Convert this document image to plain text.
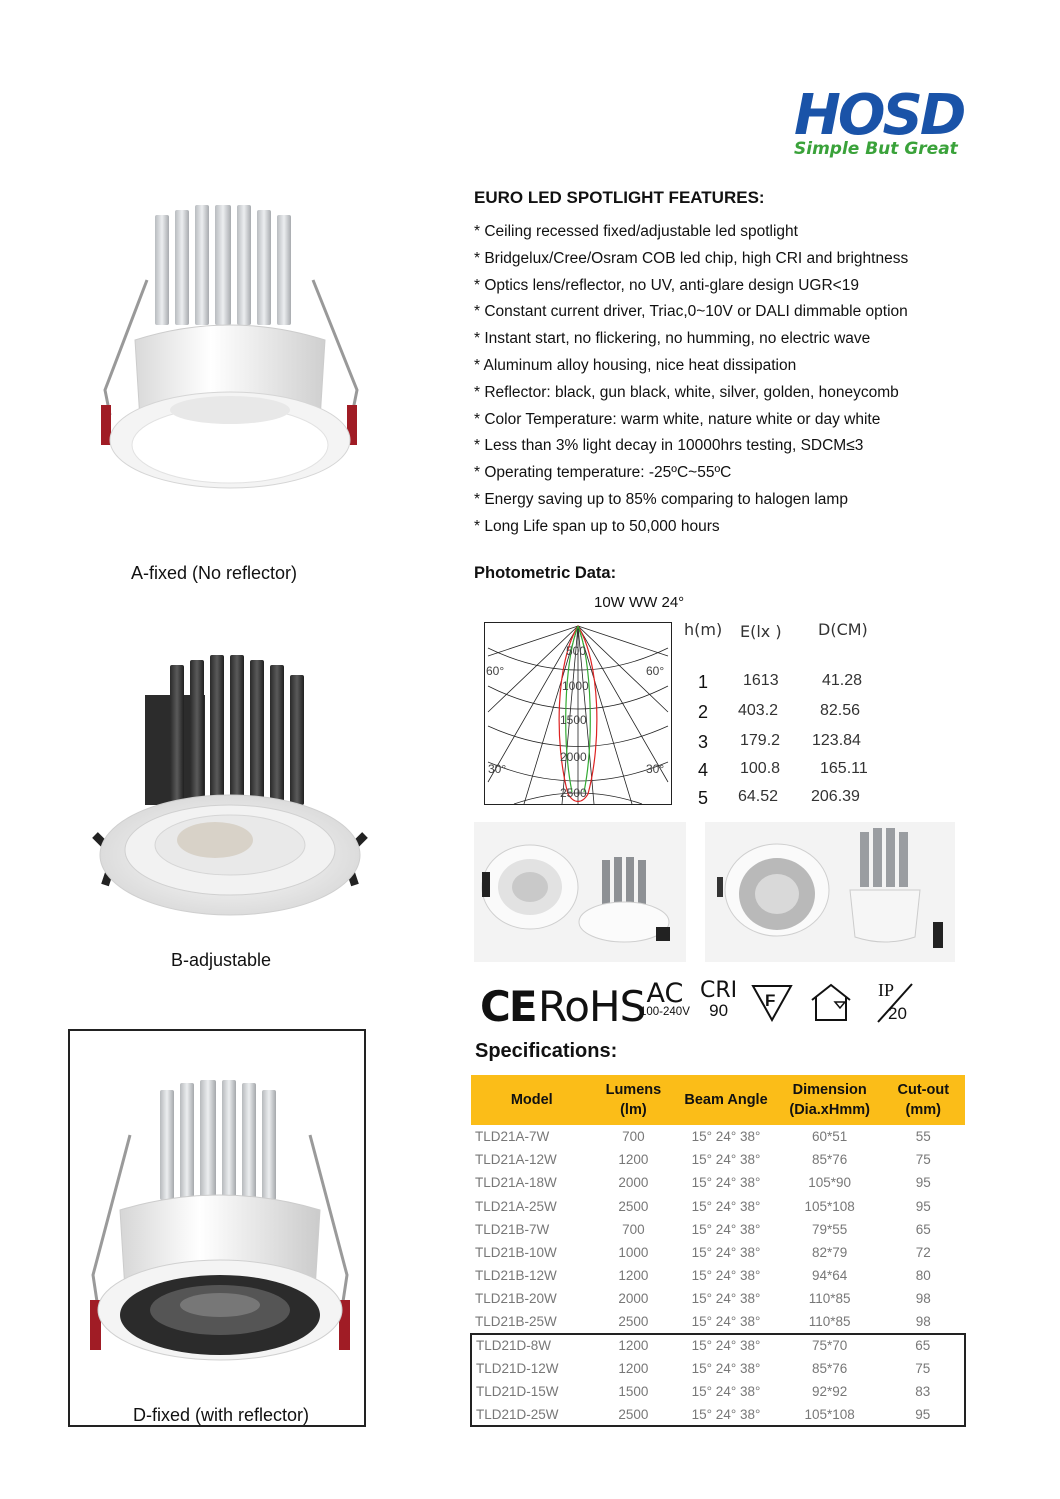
HOSD
Simple But Great
EURO LED SPOTLIGHT FEATURES:
* Ceiling recessed fixed/adjustable led spotlight
* Bridgelux/Cree/Osram COB led chip, high CRI and brightness
* Optics lens/reflector, no UV, anti-glare design UGR<19
* Constant current driver, Triac,0~10V or DALI dimmable option
* Instant start, no flickering, no humming, no electric wave
* Aluminum alloy housing, nice heat dissipation
* Reflector: black, gun black, white, silver, golden, honeycomb
* Color Temperature: warm white, nature white or day white
* Less than 3% light decay in 10000hrs testing, SDCM≤3
* Operating temperature: -25ºC~55ºC
* Energy saving up to 85% comparing to halogen lamp
* Long Life span up to 50,000 hours
A-fixed (No reflector)
B-adjustable
D-fixed (with reflector)
Photometric Data:
10W WW 24°
500
1000
1500
2000
2500
60°	60°
30°	30°
h(m) E(lx ) D(CM)
1 1613	41.28
2 403.2	82.56
3 179.2 123.84
4 100.8 165.11
5 64.52 206.39
CE RoHS AC
100-240V
CRI
90
F
IP
20
Specifications:
Model	Lumens
(lm)	Beam Angle	Dimension
(Dia.xHmm)	Cut-out
(mm)
TLD21A-7W	700	15° 24° 38°	60*51	55
TLD21A-12W	1200	15° 24° 38°	85*76	75
TLD21A-18W	2000	15° 24° 38°	105*90	95
TLD21A-25W	2500	15° 24° 38°	105*108	95
TLD21B-7W	700	15° 24° 38°	79*55	65
TLD21B-10W	1000	15° 24° 38°	82*79	72
TLD21B-12W	1200	15° 24° 38°	94*64	80
TLD21B-20W	2000	15° 24° 38°	110*85	98
TLD21B-25W	2500	15° 24° 38°	110*85	98
TLD21D-8W	1200	15° 24° 38°	75*70	65
TLD21D-12W	1200	15° 24° 38°	85*76	75
TLD21D-15W	1500	15° 24° 38°	92*92	83
TLD21D-25W	2500	15° 24° 38°	105*108	95
